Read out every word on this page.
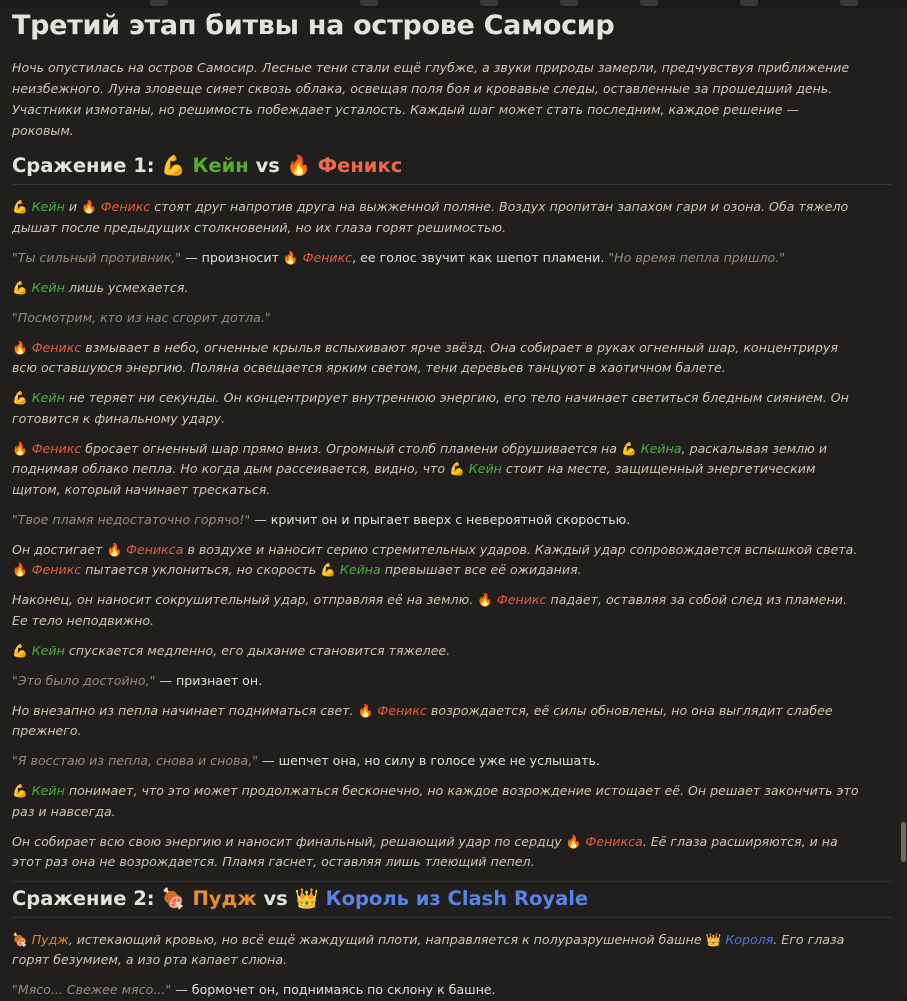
Третий этап битвы на острове Самосир

Ночь опустилась на остров Самосир. Лесные тени стали ещё глубже, а звуки природы замерли, предчувствуя приближение неизбежного. Луна зловеще сияет сквозь облака, освещая поля боя и кровавые следы, оставленные за прошедший день. Участники измотаны, но решимость побеждает усталость. Каждый шаг может стать последним, каждое решение — роковым.

Сражение 1: 💪 Кейн vs 🔥 Феникс

💪 Кейн и 🔥 Феникс стоят друг напротив друга на выжженной поляне. Воздух пропитан запахом гари и озона. Оба тяжело дышат после предыдущих столкновений, но их глаза горят решимостью.

"Ты сильный противник," — произносит 🔥 Феникс, ее голос звучит как шепот пламени. "Но время пепла пришло."

💪 Кейн лишь усмехается.

"Посмотрим, кто из нас сгорит дотла."

🔥 Феникс взмывает в небо, огненные крылья вспыхивают ярче звёзд. Она собирает в руках огненный шар, концентрируя всю оставшуюся энергию. Поляна освещается ярким светом, тени деревьев танцуют в хаотичном балете.

💪 Кейн не теряет ни секунды. Он концентрирует внутреннюю энергию, его тело начинает светиться бледным сиянием. Он готовится к финальному удару.

🔥 Феникс бросает огненный шар прямо вниз. Огромный столб пламени обрушивается на 💪 Кейна, раскалывая землю и поднимая облако пепла. Но когда дым рассеивается, видно, что 💪 Кейн стоит на месте, защищенный энергетическим щитом, который начинает трескаться.

"Твое пламя недостаточно горячо!" — кричит он и прыгает вверх с невероятной скоростью.

Он достигает 🔥 Феникса в воздухе и наносит серию стремительных ударов. Каждый удар сопровождается вспышкой света. 🔥 Феникс пытается уклониться, но скорость 💪 Кейна превышает все её ожидания.

Наконец, он наносит сокрушительный удар, отправляя её на землю. 🔥 Феникс падает, оставляя за собой след из пламени. Ее тело неподвижно.

💪 Кейн спускается медленно, его дыхание становится тяжелее.

"Это было достойно," — признает он.

Но внезапно из пепла начинает подниматься свет. 🔥 Феникс возрождается, её силы обновлены, но она выглядит слабее прежнего.

"Я восстаю из пепла, снова и снова," — шепчет она, но силу в голосе уже не услышать.

💪 Кейн понимает, что это может продолжаться бесконечно, но каждое возрождение истощает её. Он решает закончить это раз и навсегда.

Он собирает всю свою энергию и наносит финальный, решающий удар по сердцу 🔥 Феникса. Её глаза расширяются, и на этот раз она не возрождается. Пламя гаснет, оставляя лишь тлеющий пепел.

Сражение 2: 🍖 Пудж vs 👑 Король из Clash Royale

🍖 Пудж, истекающий кровью, но всё ещё жаждущий плоти, направляется к полуразрушенной башне 👑 Короля. Его глаза горят безумием, а изо рта капает слюна.

"Мясо... Свежее мясо..." — бормочет он, поднимаясь по склону к башне.
